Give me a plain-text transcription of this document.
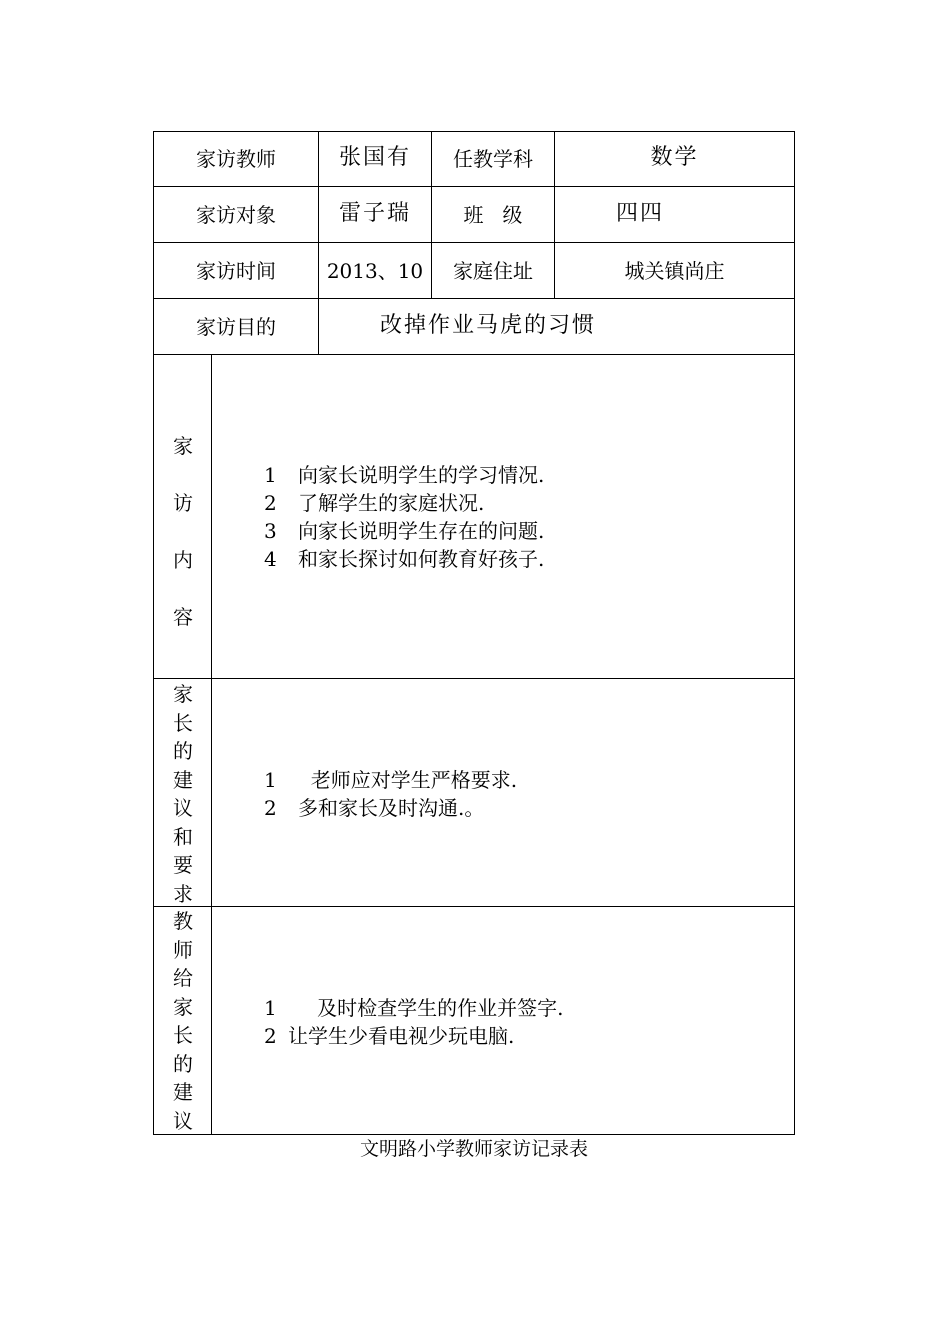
家访教师	张国有	任教学科	数学
家访对象	雷子瑞	班   级	四四
家访时间	2013、10	家庭住址	城关镇尚庄
家访目的	改掉作业马虎的习惯
家访内容
1 向家长说明学生的学习情况.
2 了解学生的家庭状况.
3 向家长说明学生存在的问题.
4 和家长探讨如何教育好孩子.
家长的建议和要求
1  老师应对学生严格要求.
2 多和家长及时沟通.。
教师给家长的建议
1   及时检查学生的作业并签字.
2 让学生少看电视少玩电脑.
文明路小学教师家访记录表
